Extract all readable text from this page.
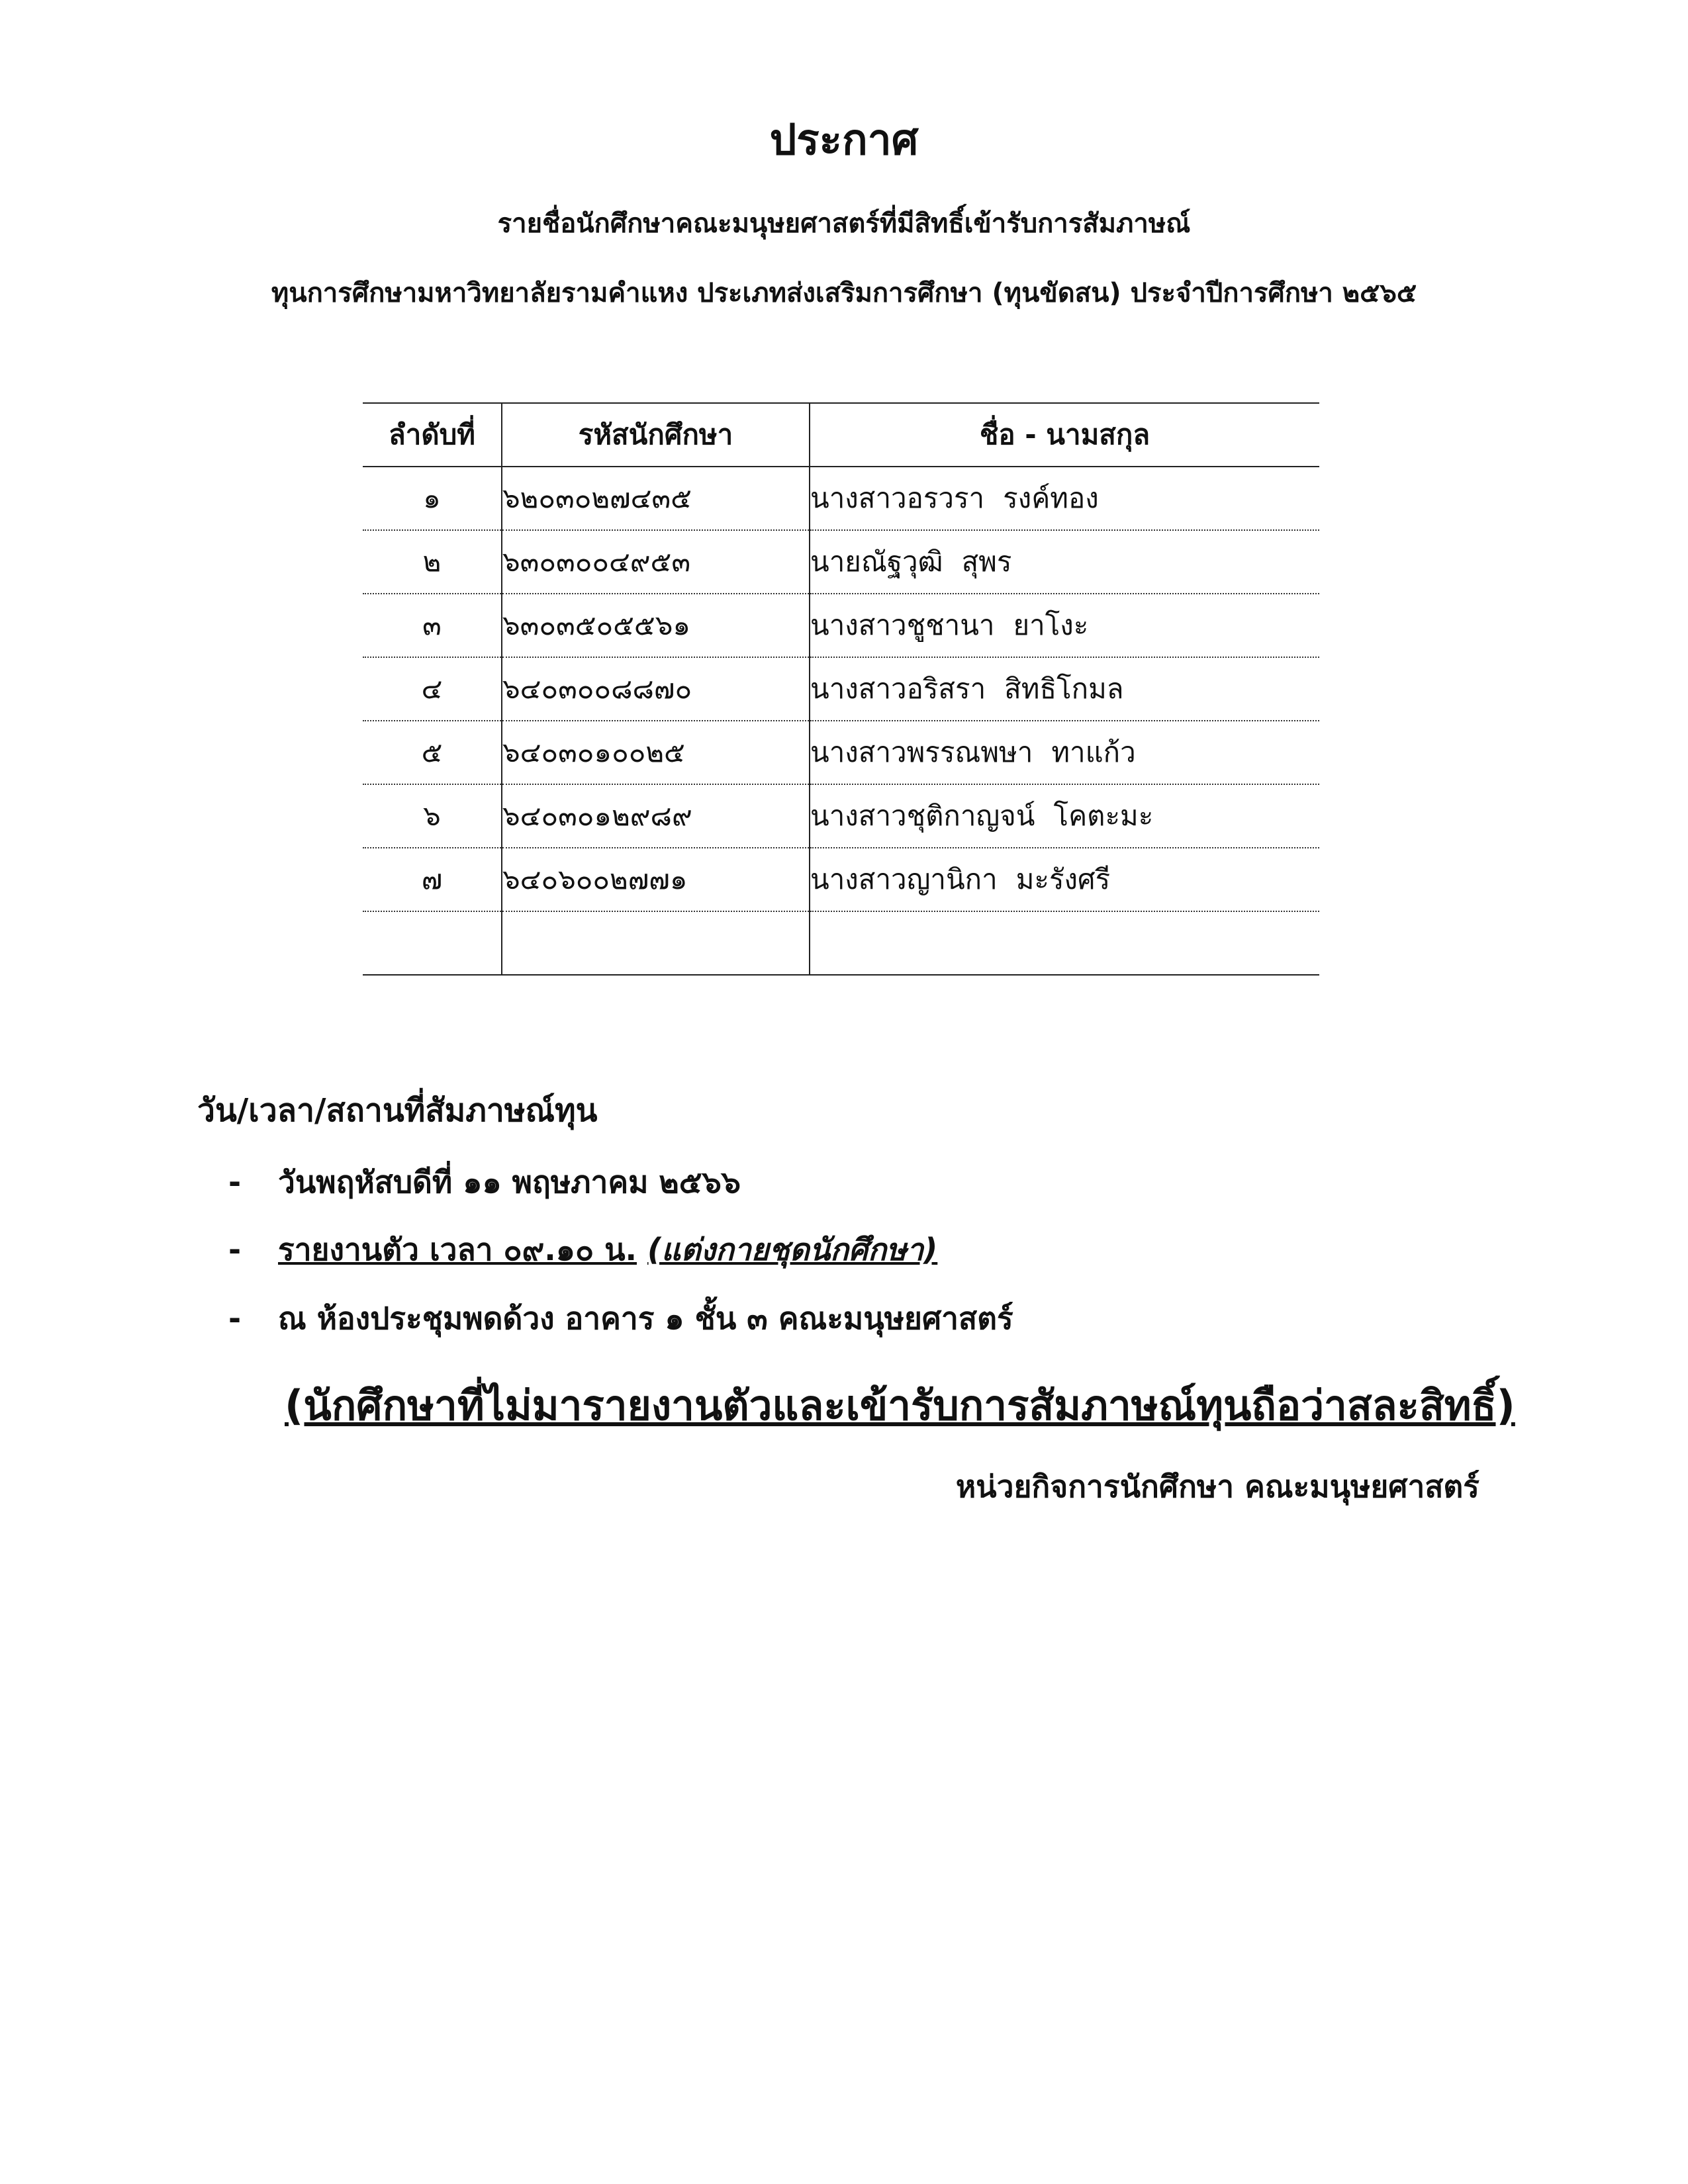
ประกาศ
รายชื่อนักศึกษาคณะมนุษยศาสตร์ที่มีสิทธิ์เข้ารับการสัมภาษณ์
ทุนการศึกษามหาวิทยาลัยรามคำแหง ประเภทส่งเสริมการศึกษา (ทุนขัดสน) ประจำปีการศึกษา ๒๕๖๕
ลำดับที่	รหัสนักศึกษา	ชื่อ - นามสกุล
๑	๖๒๐๓๐๒๗๔๓๕	นางสาวอรวรา รงค์ทอง
๒	๖๓๐๓๐๐๔๙๕๓	นายณัฐวุฒิ สุพร
๓	๖๓๐๓๕๐๕๕๖๑	นางสาวชูชานา ยาโงะ
๔	๖๔๐๓๐๐๘๘๗๐	นางสาวอริสรา สิทธิโกมล
๕	๖๔๐๓๐๑๐๐๒๕	นางสาวพรรณพษา ทาแก้ว
๖	๖๔๐๓๐๑๒๙๘๙	นางสาวชุติกาญจน์ โคตะมะ
๗	๖๔๐๖๐๐๒๗๗๑	นางสาวญานิกา มะรังศรี

วัน/เวลา/สถานที่สัมภาษณ์ทุน
- วันพฤหัสบดีที่ ๑๑ พฤษภาคม ๒๕๖๖
- รายงานตัว เวลา ๐๙.๑๐ น. (แต่งกายชุดนักศึกษา)
- ณ ห้องประชุมพดด้วง อาคาร ๑ ชั้น ๓ คณะมนุษยศาสตร์
(นักศึกษาที่ไม่มารายงานตัวและเข้ารับการสัมภาษณ์ทุนถือว่าสละสิทธิ์)
หน่วยกิจการนักศึกษา คณะมนุษยศาสตร์
